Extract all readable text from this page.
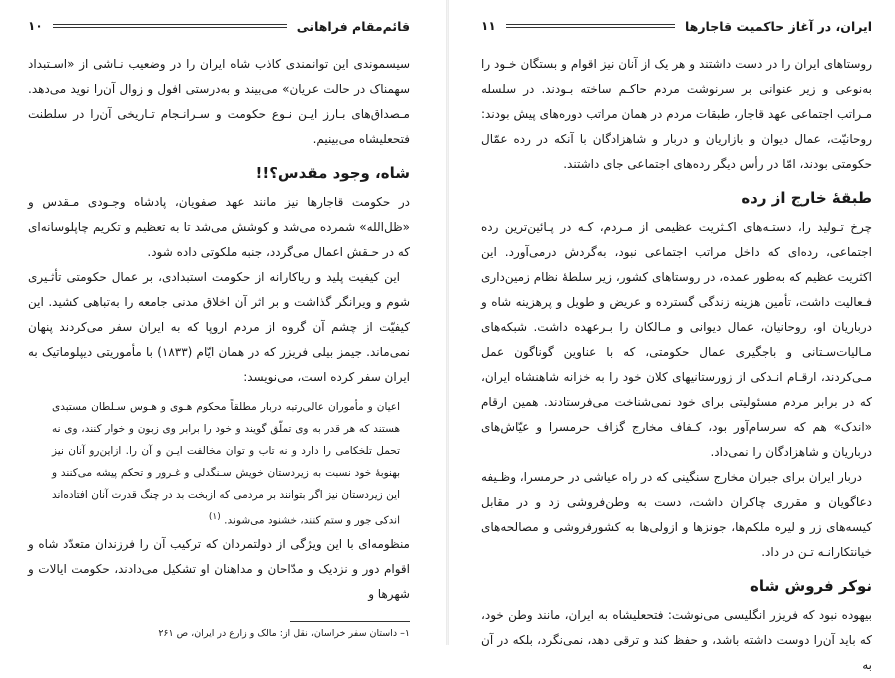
قائم‌مقام فراهانی
۱۰

سیسموندی این توانمندی کاذب شاه ایران را در وضعیب نـاشی از «اسـتبداد سهمناک در حالت عریان» می‌بیند و به‌درستی افول و زوال آن‌را نوید می‌دهد. مـصداق‌های بـارز ایـن نـوع حکومت و سـرانـجام تـاریخی آن‌را در سلطنت فتحعلیشاه می‌بینیم.

شاه، وجود مقدس؟!!

در حکومت قاجارها نیز مانند عهد صفویان، پادشاه وجـودی مـقدس و «ظل‌الله» شمرده می‌شد و کوشش می‌شد تا به تعظیم و تکریم چاپلوسانه‌ای که در حـقش اعمال می‌گردد، جنبه ملکوتی داده شود.

این کیفیت پلید و ریاکارانه از حکومت استبدادی، بر عمال حکومتی تأثـیری شوم و ویرانگر گذاشت و بر اثر آن اخلاق مدنی جامعه را به‌تباهی کشید. این کیفیّت از چشم آن گروه از مردم اروپا که به ایران سفر می‌کردند پنهان نمی‌ماند. جیمز بیلی فریزر که در همان ایّام (۱۸۳۳) با مأموریتی دیپلوماتیک به ایران سفر کرده است، می‌نویسد:

اعیان و مأموران عالی‌رتبه دربار مطلقاً محکوم هـوی و هـوس سـلطان مستبدی هستند که هر قدر به وی تملّق گویند و خود را برابر وی زبون و خوار کنند، وی نه تحمل تلخکامی را دارد و نه تاب و توان مخالفت ایـن و آن را. ازاین‌رو آنان نیز بهنوبهٔ خود نسبت به زیردستان خویش سـنگدلی و غـرور و تحکم پیشه می‌کنند و این زیردستان نیز اگر بتوانند بر مردمی که ازبخت بد در چنگ قدرت آنان افتاده‌اند اندکی جور و ستم کنند، خشنود می‌شوند. (۱)

منظومه‌ای با این ویژگی از دولتمردان که ترکیب آن را فرزندان متعدّد شاه و اقوام دور و نزدیک و مدّاحان و مداهنان او تشکیل می‌دادند، حکومت ایالات و شهرها و

۱– داستان سفر خراسان، نقل از: مالک و زارع در ایران، ص ۲۶۱
ایران، در آغاز حاکمیت قاجارها
۱۱

روستاهای ایران را در دست داشتند و هر یک از آنان نیز اقوام و بستگان خـود را به‌نوعی و زیر عنوانی بر سرنوشت مردم حاکـم ساخته بـودند. در سلسله مـراتب اجتماعی عهد قاجار، طبقات مردم در همان مراتب دوره‌های پیش بودند: روحانیّت، عمال دیوان و بازاریان و دربار و شاهزادگان با آنکه در رده عمّال حکومتی بودند، امّا در رأس دیگر رده‌های اجتماعی جای داشتند.

طبقهٔ خارج از رده

چرخ تـولید را، دستـه‌های اکـثریت عظیمی از مـردم، کـه در پـائین‌ترین رده اجتماعی، رده‌ای که داخل مراتب اجتماعی نبود، به‌گردش درمی‌آورد. این اکثریت عظیم که به‌طور عمده، در روستاهای کشور، زیر سلطهٔ نظام زمین‌داری فـعالیت داشت، تأمین هزینه زندگی گسترده و عریض و طویل و پرهزینه شاه و درباریان او، روحانیان، عمال دیوانی و مـالکان را بـرعهده داشت. شبکه‌های مـالیات‌سـتانی و باجگیری عمال حکومتی، که با عناوین گوناگون عمل مـی‌کردند، ارقـام انـدکی از زورستانیهای کلان خود را به خزانه شاهنشاه ایران، که در برابر مردم مسئولیتی برای خود نمی‌شناخت می‌فرستادند. همین ارقام «اندک» هم که سرسام‌آور بود، کـفاف مخارج گزاف حرمسرا و عیّاش‌های درباریان و شاهزادگان را نمی‌داد.

دربار ایران برای جبران مخارج سنگینی که در راه عیاشی در حرمسرا، وظـیفه دعاگویان و مقرری چاکران داشت، دست به وطن‌فروشی زد و در مقابل کیسه‌های زر و لیره ملکم‌ها، جونزها و ازولی‌ها به کشورفروشی و مصالحه‌های خیانتکارانـه تـن در داد.

نوکر فروش شاه

بیهوده نبود که فریزر انگلیسی می‌نوشت: فتحعلیشاه به ایران، مانند وطن خود، که باید آن‌را دوست داشته باشد، و حفظ کند و ترقی دهد، نمی‌نگرد، بلکه در آن به
